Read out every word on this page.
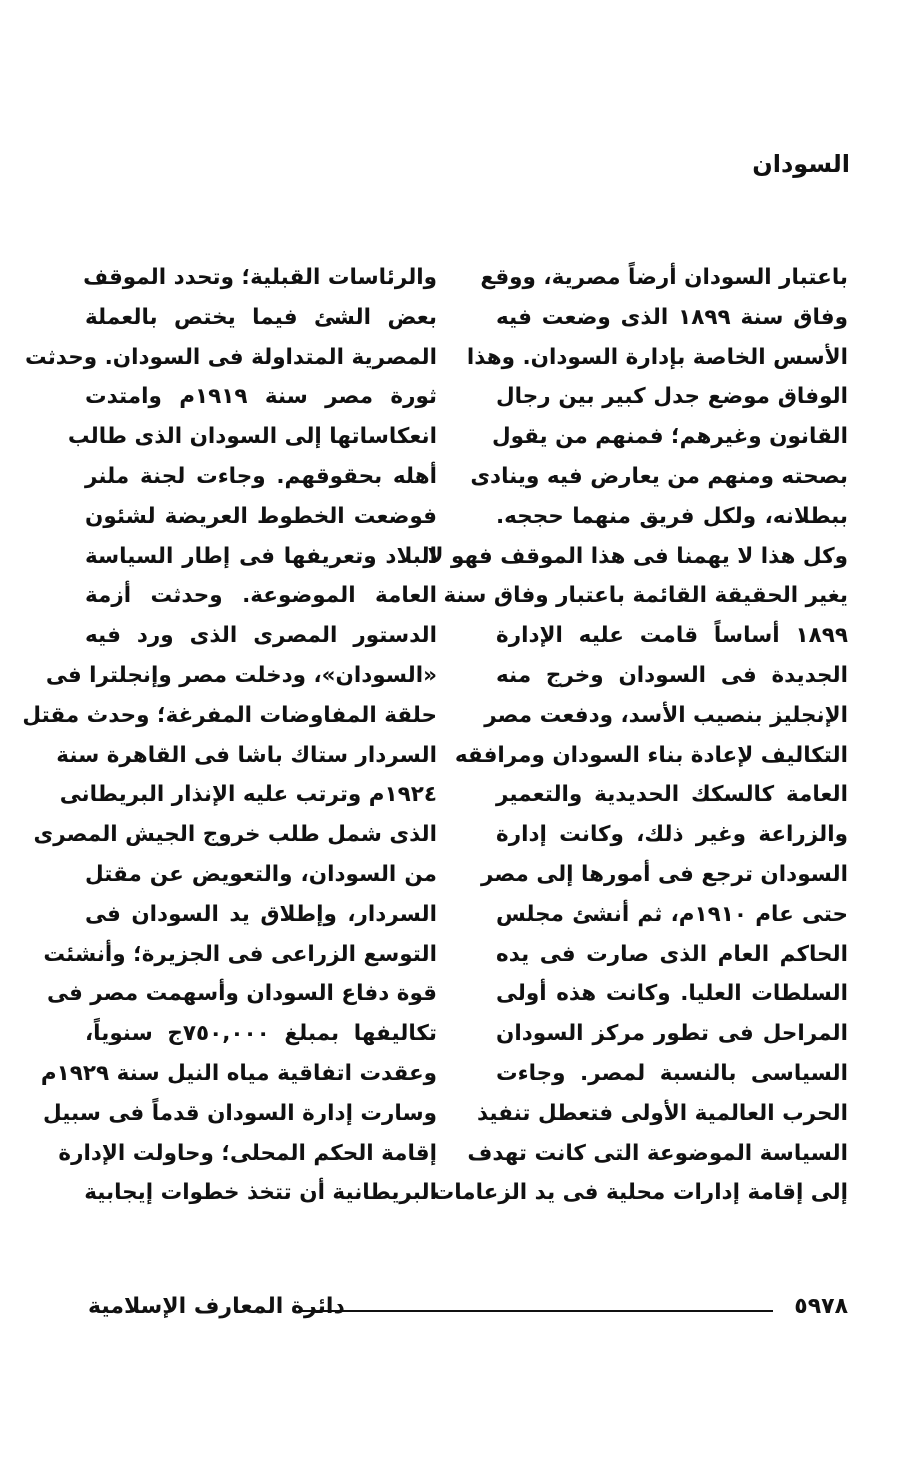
السودان
باعتبار السودان أرضاً مصرية، ووقع
وفاق سنة ١٨٩٩ الذى وضعت فيه
الأسس الخاصة بإدارة السودان. وهذا
الوفاق موضع جدل كبير بين رجال
القانون وغيرهم؛ فمنهم من يقول
بصحته ومنهم من يعارض فيه وينادى
ببطلانه، ولكل فريق منهما حججه.
وكل هذا لا يهمنا فى هذا الموقف فهو لا
يغير الحقيقة القائمة باعتبار وفاق سنة
١٨٩٩ أساساً قامت عليه الإدارة
الجديدة فى السودان وخرج منه
الإنجليز بنصيب الأسد، ودفعت مصر
التكاليف لإعادة بناء السودان ومرافقه
العامة كالسكك الحديدية والتعمير
والزراعة وغير ذلك، وكانت إدارة
السودان ترجع فى أمورها إلى مصر
حتى عام ١٩١٠م، ثم أنشئ مجلس
الحاكم العام الذى صارت فى يده
السلطات العليا. وكانت هذه أولى
المراحل فى تطور مركز السودان
السياسى بالنسبة لمصر. وجاءت
الحرب العالمية الأولى فتعطل تنفيذ
السياسة الموضوعة التى كانت تهدف
إلى إقامة إدارات محلية فى يد الزعامات
والرئاسات القبلية؛ وتحدد الموقف
بعض الشئ فيما يختص بالعملة
المصرية المتداولة فى السودان. وحدثت
ثورة مصر سنة ١٩١٩م وامتدت
انعكاساتها إلى السودان الذى طالب
أهله بحقوقهم. وجاءت لجنة ملنر
فوضعت الخطوط العريضة لشئون
البلاد وتعريفها فى إطار السياسة
العامة الموضوعة. وحدثت أزمة
الدستور المصرى الذى ورد فيه
«السودان»، ودخلت مصر وإنجلترا فى
حلقة المفاوضات المفرغة؛ وحدث مقتل
السردار ستاك باشا فى القاهرة سنة
١٩٢٤م وترتب عليه الإنذار البريطانى
الذى شمل طلب خروج الجيش المصرى
من السودان، والتعويض عن مقتل
السردار، وإطلاق يد السودان فى
التوسع الزراعى فى الجزيرة؛ وأنشئت
قوة دفاع السودان وأسهمت مصر فى
تكاليفها بمبلغ ٧٥٠,٠٠٠ج سنوياً،
وعقدت اتفاقية مياه النيل سنة ١٩٢٩م
وسارت إدارة السودان قدماً فى سبيل
إقامة الحكم المحلى؛ وحاولت الإدارة
البريطانية أن تتخذ خطوات إيجابية
٥٩٧٨
دائرة المعارف الإسلامية
